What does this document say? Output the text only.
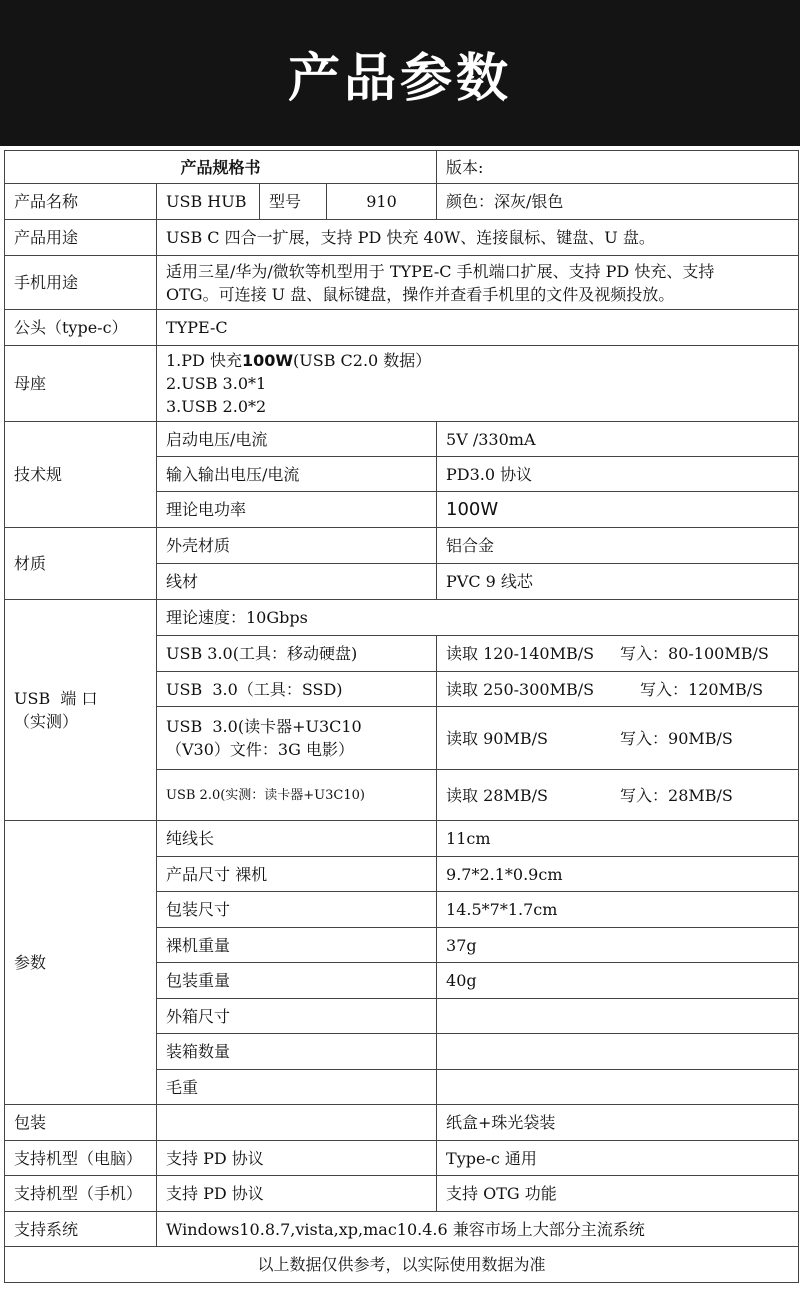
产品参数
产品规格书				版本:
产品名称	USB HUB	型号	910	颜色：深灰/银色
产品用途	USB C 四合一扩展，支持 PD 快充 40W、连接鼠标、键盘、U 盘。			
手机用途	适用三星/华为/微软等机型用于 TYPE-C 手机端口扩展、支持 PD 快充、支持
OTG。可连接 U 盘、鼠标键盘，操作并查看手机里的文件及视频投放。			

公头（type-c）	TYPE-C			
母座	1.PD 快充100W(USB C2.0 数据）
2.USB 3.0*1
3.USB 2.0*2			

技术规	启动电压/电流			5V /330mA
	输入输出电压/电流			PD3.0 协议
	理论电功率			100W
材质	外壳材质			铝合金
	线材			PVC 9 线芯

USB  端 口
（实测）	理论速度：10Gbps			
	USB 3.0(工具：移动硬盘)			读取 120-140MB/S 写入：80-100MB/S
	USB  3.0（工具：SSD)			读取 250-300MB/S 写入：120MB/S

	USB  3.0(读卡器+U3C10
（V30）文件：3G 电影）			读取 90MB/S 写入：90MB/S
	USB 2.0(实测：读卡器+U3C10)			读取 28MB/S 写入：28MB/S
参数	纯线长			11cm
	产品尺寸 裸机			9.7*2.1*0.9cm
	包装尺寸			14.5*7*1.7cm
	裸机重量			37g
	包装重量			40g
	外箱尺寸			
	装箱数量			
	毛重			
包装				纸盒+珠光袋装
支持机型（电脑）	支持 PD 协议			Type-c 通用
支持机型（手机）	支持 PD 协议			支持 OTG 功能
支持系统	Windows10.8.7,vista,xp,mac10.4.6 兼容市场上大部分主流系统			
以上数据仅供参考，以实际使用数据为准				
